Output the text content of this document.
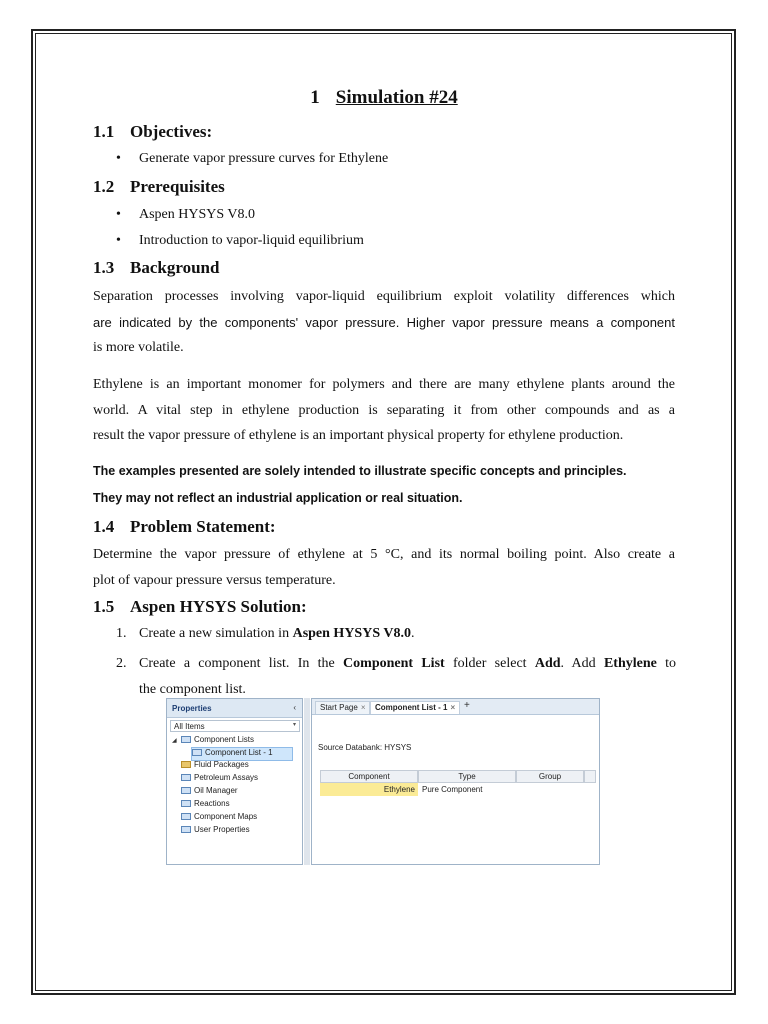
1 Simulation #24
1.1 Objectives:
• Generate vapor pressure curves for Ethylene
1.2 Prerequisites
• Aspen HYSYS V8.0
• Introduction to vapor-liquid equilibrium
1.3 Background
Separation processes involving vapor-liquid equilibrium exploit volatility differences which
are indicated by the components' vapor pressure. Higher vapor pressure means a component
is more volatile.
Ethylene is an important monomer for polymers and there are many ethylene plants around the
world. A vital step in ethylene production is separating it from other compounds and as a
result the vapor pressure of ethylene is an important physical property for ethylene production.
The examples presented are solely intended to illustrate specific concepts and principles.
They may not reflect an industrial application or real situation.
1.4 Problem Statement:
Determine the vapor pressure of ethylene at 5 °C, and its normal boiling point. Also create a
plot of vapour pressure versus temperature.
1.5 Aspen HYSYS Solution:
1. Create a new simulation in Aspen HYSYS V8.0.
2. Create a component list. In the Component List folder select Add. Add Ethylene to
the component list.
Properties	‹
All Items	▾
◢ Component Lists
Component List - 1
Fluid Packages
Petroleum Assays
Oil Manager
Reactions
Component Maps
User Properties
Start Page ×	Component List - 1 × +
Source Databank: HYSYS
Component	Type	Group
Ethylene Pure Component
